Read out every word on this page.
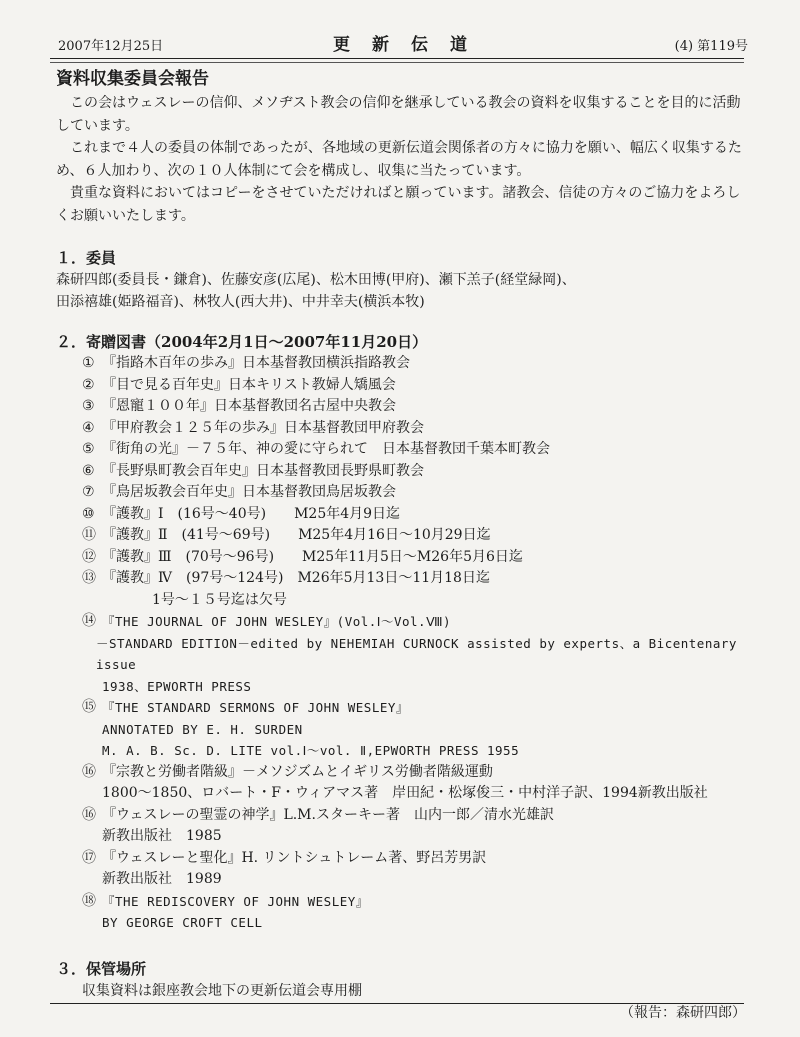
2007年12月25日	更新伝道	(4) 第119号
資料収集委員会報告

この会はウェスレーの信仰、メソヂスト教会の信仰を継承している教会の資料を収集することを目的に活動しています。

これまで４人の委員の体制であったが、各地域の更新伝道会関係者の方々に協力を願い、幅広く収集するため、６人加わり、次の１０人体制にて会を構成し、収集に当たっています。

貴重な資料においてはコピーをさせていただければと願っています。諸教会、信徒の方々のご協力をよろしくお願いいたします。

１．委員

森研四郎(委員長・鎌倉)、佐藤安彦(広尾)、松木田博(甲府)、瀬下羔子(経堂緑岡)、

田添禧雄(姫路福音)、林牧人(西大井)、中井幸夫(横浜本牧)

２．寄贈図書（2004年2月1日～2007年11月20日）
① 『指路木百年の歩み』日本基督教団横浜指路教会
② 『目で見る百年史』日本キリスト教婦人矯風会
③ 『恩寵１００年』日本基督教団名古屋中央教会
④ 『甲府教会１２５年の歩み』日本基督教団甲府教会
⑤ 『街角の光』－７５年、神の愛に守られて　日本基督教団千葉本町教会
⑥ 『長野県町教会百年史』日本基督教団長野県町教会
⑦ 『鳥居坂教会百年史』日本基督教団鳥居坂教会
⑩ 『護教』Ⅰ　(16号～40号)　　M25年4月9日迄
⑪ 『護教』Ⅱ　(41号～69号)　　M25年4月16日～10月29日迄
⑫ 『護教』Ⅲ　(70号～96号)　　M25年11月5日～M26年5月6日迄
⑬ 『護教』Ⅳ　(97号～124号)　M26年5月13日～11月18日迄
1号～１５号迄は欠号
⑭ 『THE JOURNAL OF JOHN WESLEY』(Vol.Ⅰ～Vol.Ⅷ)
－STANDARD EDITION－edited by NEHEMIAH CURNOCK assisted by experts、a Bicentenary issue
1938、EPWORTH PRESS
⑮ 『THE STANDARD SERMONS OF JOHN WESLEY』
ANNOTATED BY E. H. SURDEN
M. A. B. Sc. D. LITE vol.Ⅰ～vol. Ⅱ,EPWORTH PRESS 1955
⑯ 『宗教と労働者階級』－メソジズムとイギリス労働者階級運動
1800～1850、ロバート・F・ウィアマス著　岸田紀・松塚俊三・中村洋子訳、1994新教出版社
⑯ 『ウェスレーの聖霊の神学』L.M.スターキー著　山内一郎／清水光雄訳
新教出版社　1985
⑰ 『ウェスレーと聖化』H. リントシュトレーム著、野呂芳男訳
新教出版社　1989
⑱ 『THE REDISCOVERY OF JOHN WESLEY』
BY GEORGE CROFT CELL
３．保管場所

収集資料は銀座教会地下の更新伝道会専用棚

（報告：森研四郎）
